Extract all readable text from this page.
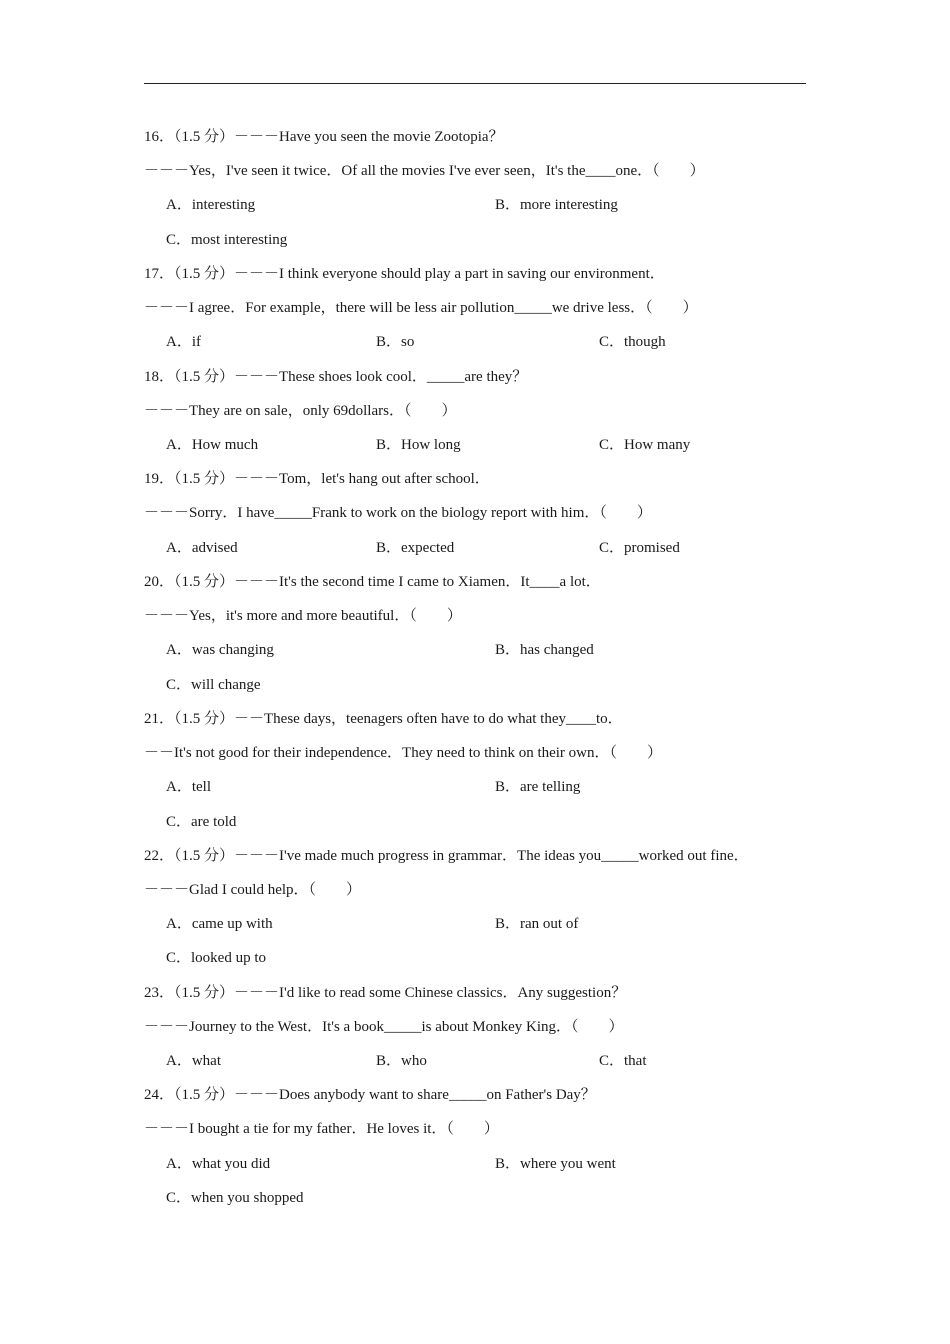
16．（1.5 分）－－－Have you seen the movie Zootopia？
－－－Yes，I've seen it twice．Of all the movies I've ever seen，It's the____one．（　　）
A．interesting	B．more interesting
C．most interesting
17．（1.5 分）－－－I think everyone should play a part in saving our environment．
－－－I agree．For example，there will be less air pollution_____we drive less．（　　）
A．if	B．so	C．though
18．（1.5 分）－－－These shoes look cool．_____are they？
－－－They are on sale，only 69dollars．（　　）
A．How much	B．How long	C．How many
19．（1.5 分）－－－Tom，let's hang out after school．
－－－Sorry．I have_____Frank to work on the biology report with him．（　　）
A．advised	B．expected	C．promised
20．（1.5 分）－－－It's the second time I came to Xiamen．It____a lot．
－－－Yes，it's more and more beautiful．（　　）
A．was changing	B．has changed
C．will change
21．（1.5 分）－－These days，teenagers often have to do what they____to．
－－It's not good for their independence．They need to think on their own．（　　）
A．tell	B．are telling
C．are told
22．（1.5 分）－－－I've made much progress in grammar．The ideas you_____worked out fine．
－－－Glad I could help．（　　）
A．came up with	B．ran out of
C．looked up to
23．（1.5 分）－－－I'd like to read some Chinese classics．Any suggestion？
－－－Journey to the West．It's a book_____is about Monkey King．（　　）
A．what	B．who	C．that
24．（1.5 分）－－－Does anybody want to share_____on Father's Day？
－－－I bought a tie for my father．He loves it．（　　）
A．what you did	B．where you went
C．when you shopped
